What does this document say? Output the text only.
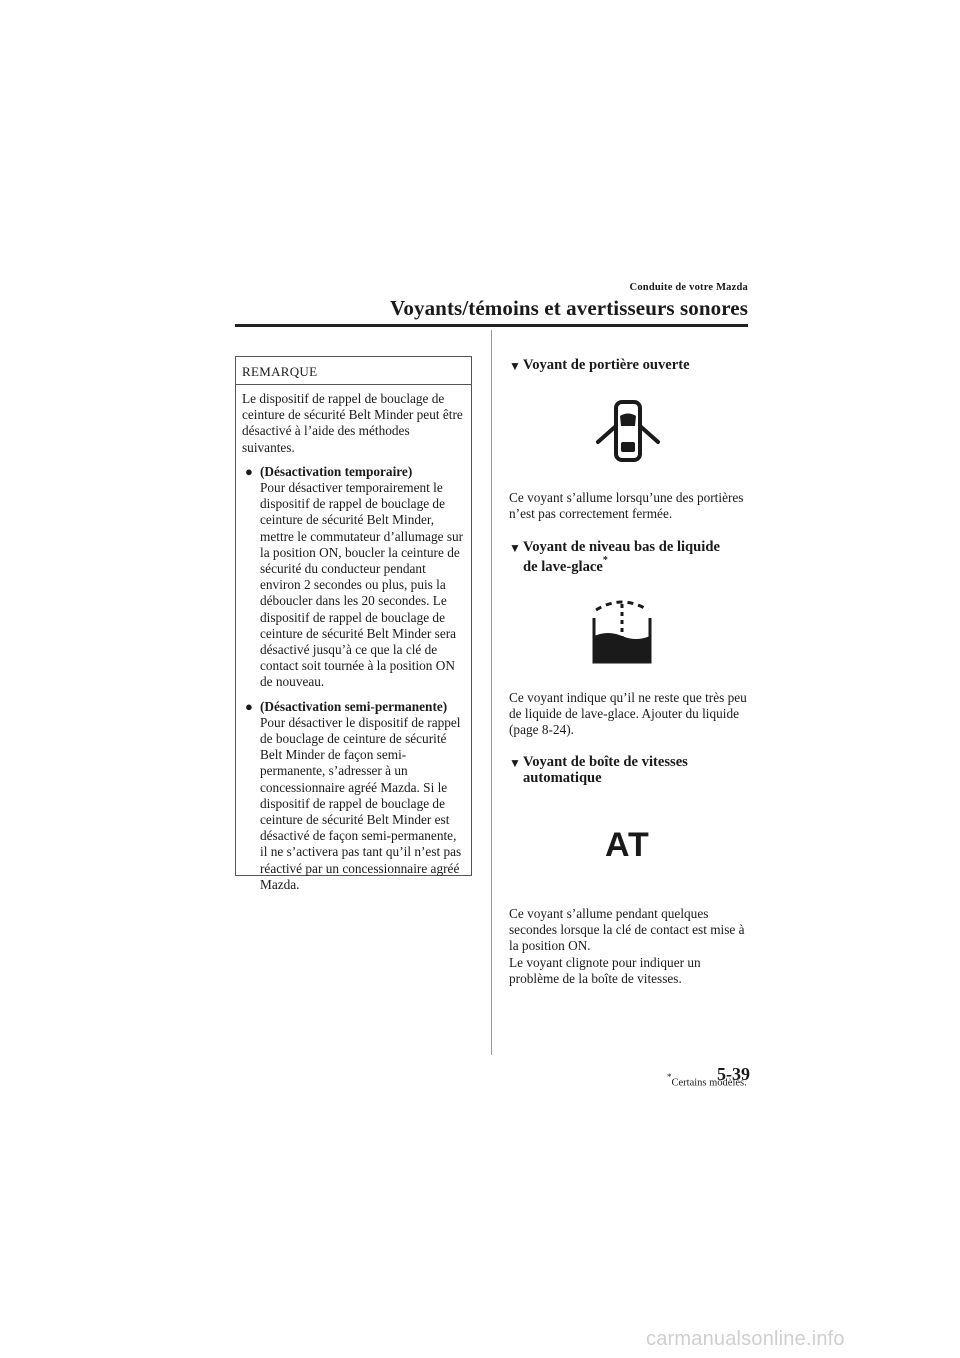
Conduite de votre Mazda
Voyants/témoins et avertisseurs sonores
REMARQUE

Le dispositif de rappel de bouclage de ceinture de sécurité Belt Minder peut être désactivé à l’aide des méthodes suivantes.

● (Désactivation temporaire)
Pour désactiver temporairement le dispositif de rappel de bouclage de ceinture de sécurité Belt Minder, mettre le commutateur d’allumage sur la position ON, boucler la ceinture de sécurité du conducteur pendant environ 2 secondes ou plus, puis la déboucler dans les 20 secondes. Le dispositif de rappel de bouclage de ceinture de sécurité Belt Minder sera désactivé jusqu’à ce que la clé de contact soit tournée à la position ON de nouveau.
● (Désactivation semi-permanente)
Pour désactiver le dispositif de rappel de bouclage de ceinture de sécurité Belt Minder de façon semi-permanente, s’adresser à un concessionnaire agréé Mazda. Si le dispositif de rappel de bouclage de ceinture de sécurité Belt Minder est désactivé de façon semi-permanente, il ne s’activera pas tant qu’il n’est pas réactivé par un concessionnaire agréé Mazda.
▼ Voyant de portière ouverte
Ce voyant s’allume lorsqu’une des portières n’est pas correctement fermée.
▼ Voyant de niveau bas de liquide
de lave-glace*
Ce voyant indique qu’il ne reste que très peu de liquide de lave-glace. Ajouter du liquide (page 8-24).
▼ Voyant de boîte de vitesses
automatique
AT
Ce voyant s’allume pendant quelques secondes lorsque la clé de contact est mise à la position ON.
Le voyant clignote pour indiquer un problème de la boîte de vitesses.
*Certains modèles.
5-39
carmanualsonline.info
